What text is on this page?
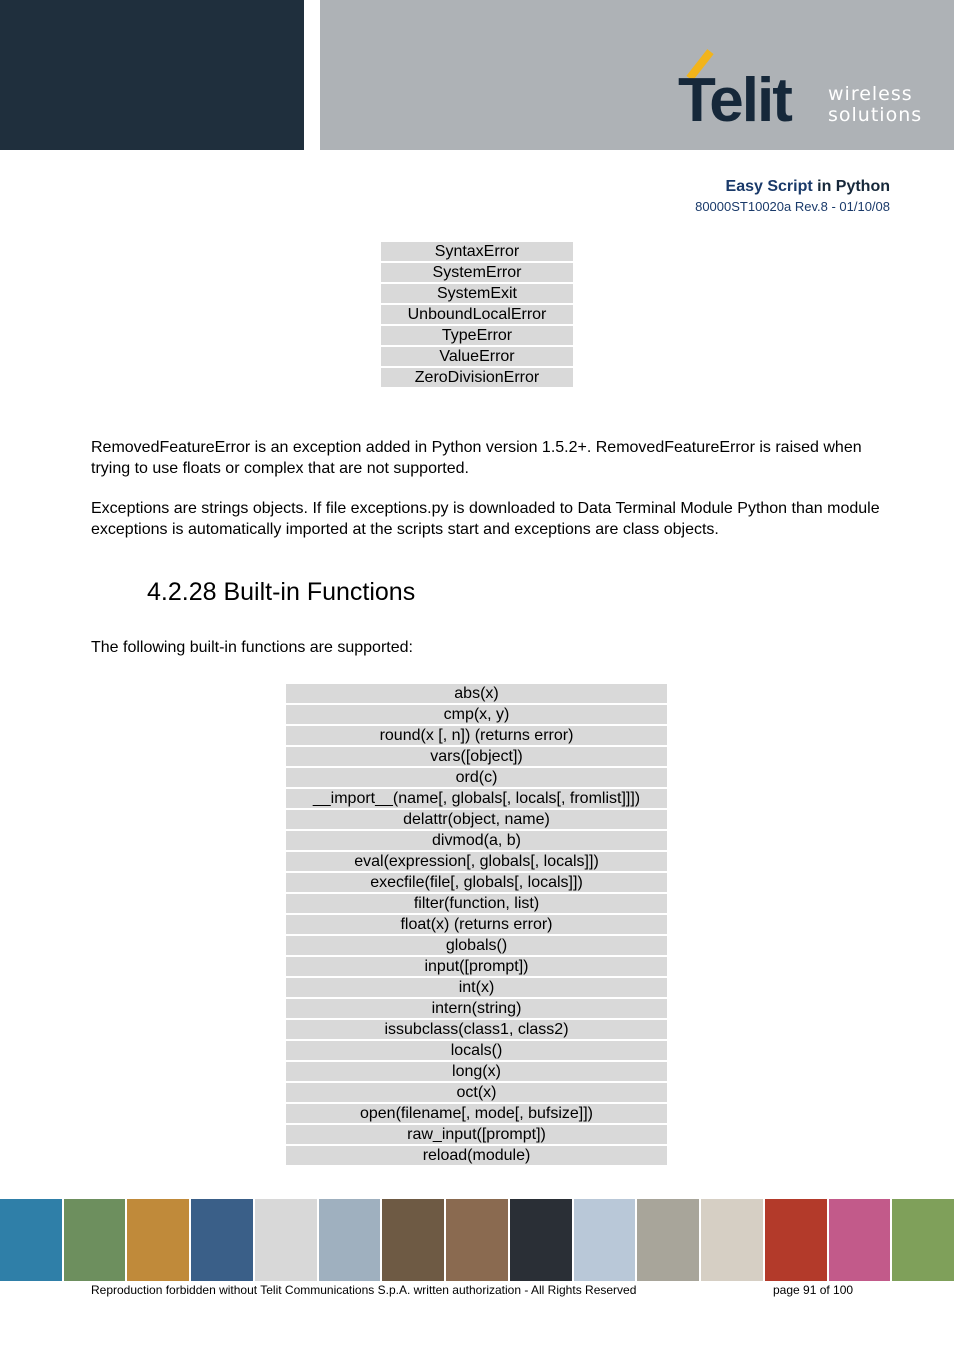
Telit wireless
solutions
Easy Script in Python
80000ST10020a Rev.8 - 01/10/08
SyntaxError
SystemError
SystemExit
UnboundLocalError
TypeError
ValueError
ZeroDivisionError
RemovedFeatureError is an exception added in Python version 1.5.2+. RemovedFeatureError is raised when trying to use floats or complex that are not supported.
Exceptions are strings objects. If file exceptions.py is downloaded to Data Terminal Module Python than module exceptions is automatically imported at the scripts start and exceptions are class objects.
4.2.28 Built-in Functions
The following built-in functions are supported:
abs(x)
cmp(x, y)
round(x [, n]) (returns error)
vars([object])
ord(c)
__import__(name[, globals[, locals[, fromlist]]])
delattr(object, name)
divmod(a, b)
eval(expression[, globals[, locals]])
execfile(file[, globals[, locals]])
filter(function, list)
float(x) (returns error)
globals()
input([prompt])
int(x)
intern(string)
issubclass(class1, class2)
locals()
long(x)
oct(x)
open(filename[, mode[, bufsize]])
raw_input([prompt])
reload(module)
Reproduction forbidden without Telit Communications S.p.A. written authorization - All Rights Reserved	page 91 of 100
